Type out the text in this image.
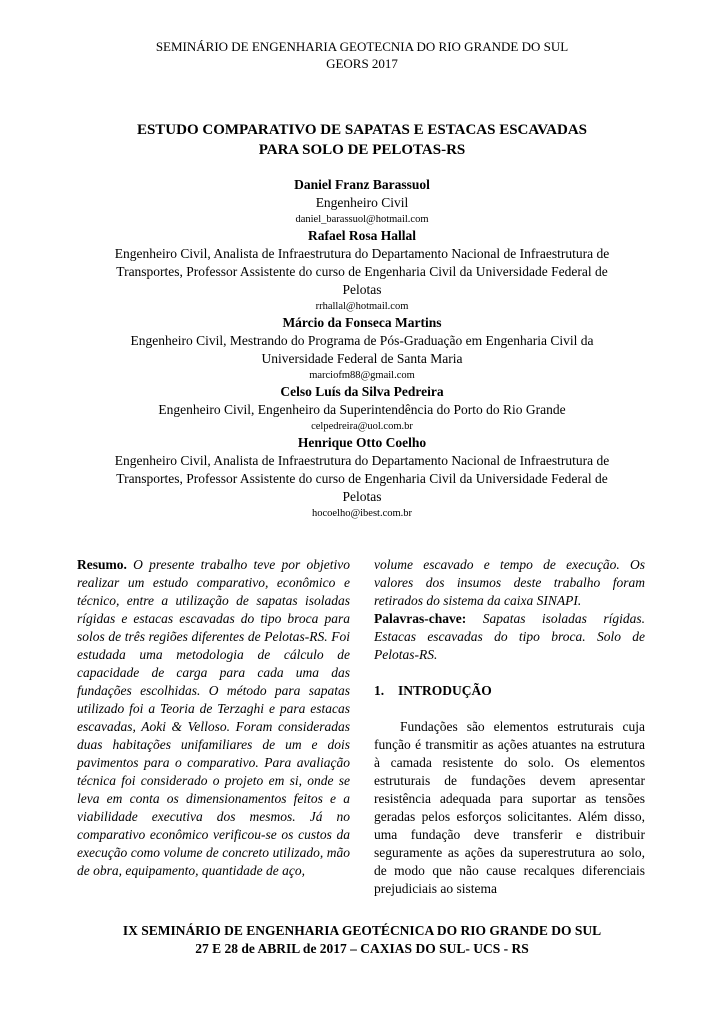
SEMINÁRIO DE ENGENHARIA GEOTECNIA DO RIO GRANDE DO SUL
GEORS 2017
ESTUDO COMPARATIVO DE SAPATAS E ESTACAS ESCAVADAS
PARA SOLO DE PELOTAS-RS
Daniel Franz Barassuol
Engenheiro Civil
daniel_barassuol@hotmail.com
Rafael Rosa Hallal
Engenheiro Civil, Analista de Infraestrutura do Departamento Nacional de Infraestrutura de
Transportes, Professor Assistente do curso de Engenharia Civil da Universidade Federal de
Pelotas
rrhallal@hotmail.com
Márcio da Fonseca Martins
Engenheiro Civil, Mestrando do Programa de Pós-Graduação em Engenharia Civil da
Universidade Federal de Santa Maria
marciofm88@gmail.com
Celso Luís da Silva Pedreira
Engenheiro Civil, Engenheiro da Superintendência do Porto do Rio Grande
celpedreira@uol.com.br
Henrique Otto Coelho
Engenheiro Civil, Analista de Infraestrutura do Departamento Nacional de Infraestrutura de
Transportes, Professor Assistente do curso de Engenharia Civil da Universidade Federal de
Pelotas
hocoelho@ibest.com.br

Resumo. O presente trabalho teve por objetivo realizar um estudo comparativo, econômico e técnico, entre a utilização de sapatas isoladas rígidas e estacas escavadas do tipo broca para solos de três regiões diferentes de Pelotas-RS. Foi estudada uma metodologia de cálculo de capacidade de carga para cada uma das fundações escolhidas. O método para sapatas utilizado foi a Teoria de Terzaghi e para estacas escavadas, Aoki & Velloso. Foram consideradas duas habitações unifamiliares de um e dois pavimentos para o comparativo. Para avaliação técnica foi considerado o projeto em si, onde se leva em conta os dimensionamentos feitos e a viabilidade executiva dos mesmos. Já no comparativo econômico verificou-se os custos da execução como volume de concreto utilizado, mão de obra, equipamento, quantidade de aço,

volume escavado e tempo de execução. Os valores dos insumos deste trabalho foram retirados do sistema da caixa SINAPI.

Palavras-chave: Sapatas isoladas rígidas. Estacas escavadas do tipo broca. Solo de Pelotas-RS.

1. INTRODUÇÃO

Fundações são elementos estruturais cuja função é transmitir as ações atuantes na estrutura à camada resistente do solo. Os elementos estruturais de fundações devem apresentar resistência adequada para suportar as tensões geradas pelos esforços solicitantes. Além disso, uma fundação deve transferir e distribuir seguramente as ações da superestrutura ao solo, de modo que não cause recalques diferenciais prejudiciais ao sistema

IX SEMINÁRIO DE ENGENHARIA GEOTÉCNICA DO RIO GRANDE DO SUL
27 E 28 de ABRIL de 2017 – CAXIAS DO SUL- UCS - RS
